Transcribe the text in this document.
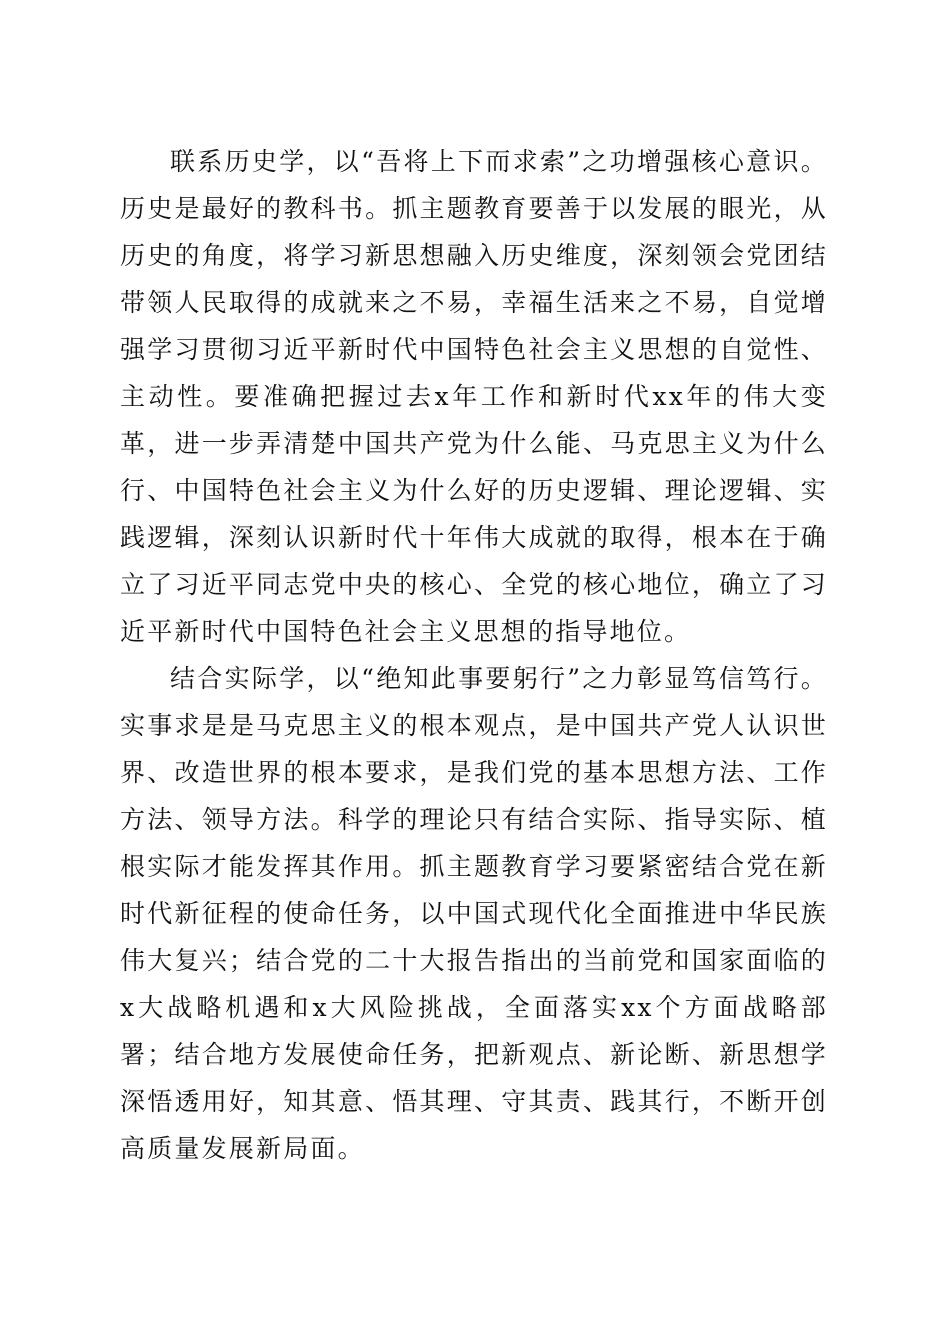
联系历史学，以“吾将上下而求索”之功增强核心意识。历史是最好的教科书。抓主题教育要善于以发展的眼光，从历史的角度，将学习新思想融入历史维度，深刻领会党团结带领人民取得的成就来之不易，幸福生活来之不易，自觉增强学习贯彻习近平新时代中国特色社会主义思想的自觉性、主动性。要准确把握过去x年工作和新时代xx年的伟大变革，进一步弄清楚中国共产党为什么能、马克思主义为什么行、中国特色社会主义为什么好的历史逻辑、理论逻辑、实践逻辑，深刻认识新时代十年伟大成就的取得，根本在于确立了习近平同志党中央的核心、全党的核心地位，确立了习近平新时代中国特色社会主义思想的指导地位。

结合实际学，以“绝知此事要躬行”之力彰显笃信笃行。实事求是是马克思主义的根本观点，是中国共产党人认识世界、改造世界的根本要求，是我们党的基本思想方法、工作方法、领导方法。科学的理论只有结合实际、指导实际、植根实际才能发挥其作用。抓主题教育学习要紧密结合党在新时代新征程的使命任务，以中国式现代化全面推进中华民族伟大复兴；结合党的二十大报告指出的当前党和国家面临的x大战略机遇和x大风险挑战，全面落实xx个方面战略部署；结合地方发展使命任务，把新观点、新论断、新思想学深悟透用好，知其意、悟其理、守其责、践其行，不断开创高质量发展新局面。
